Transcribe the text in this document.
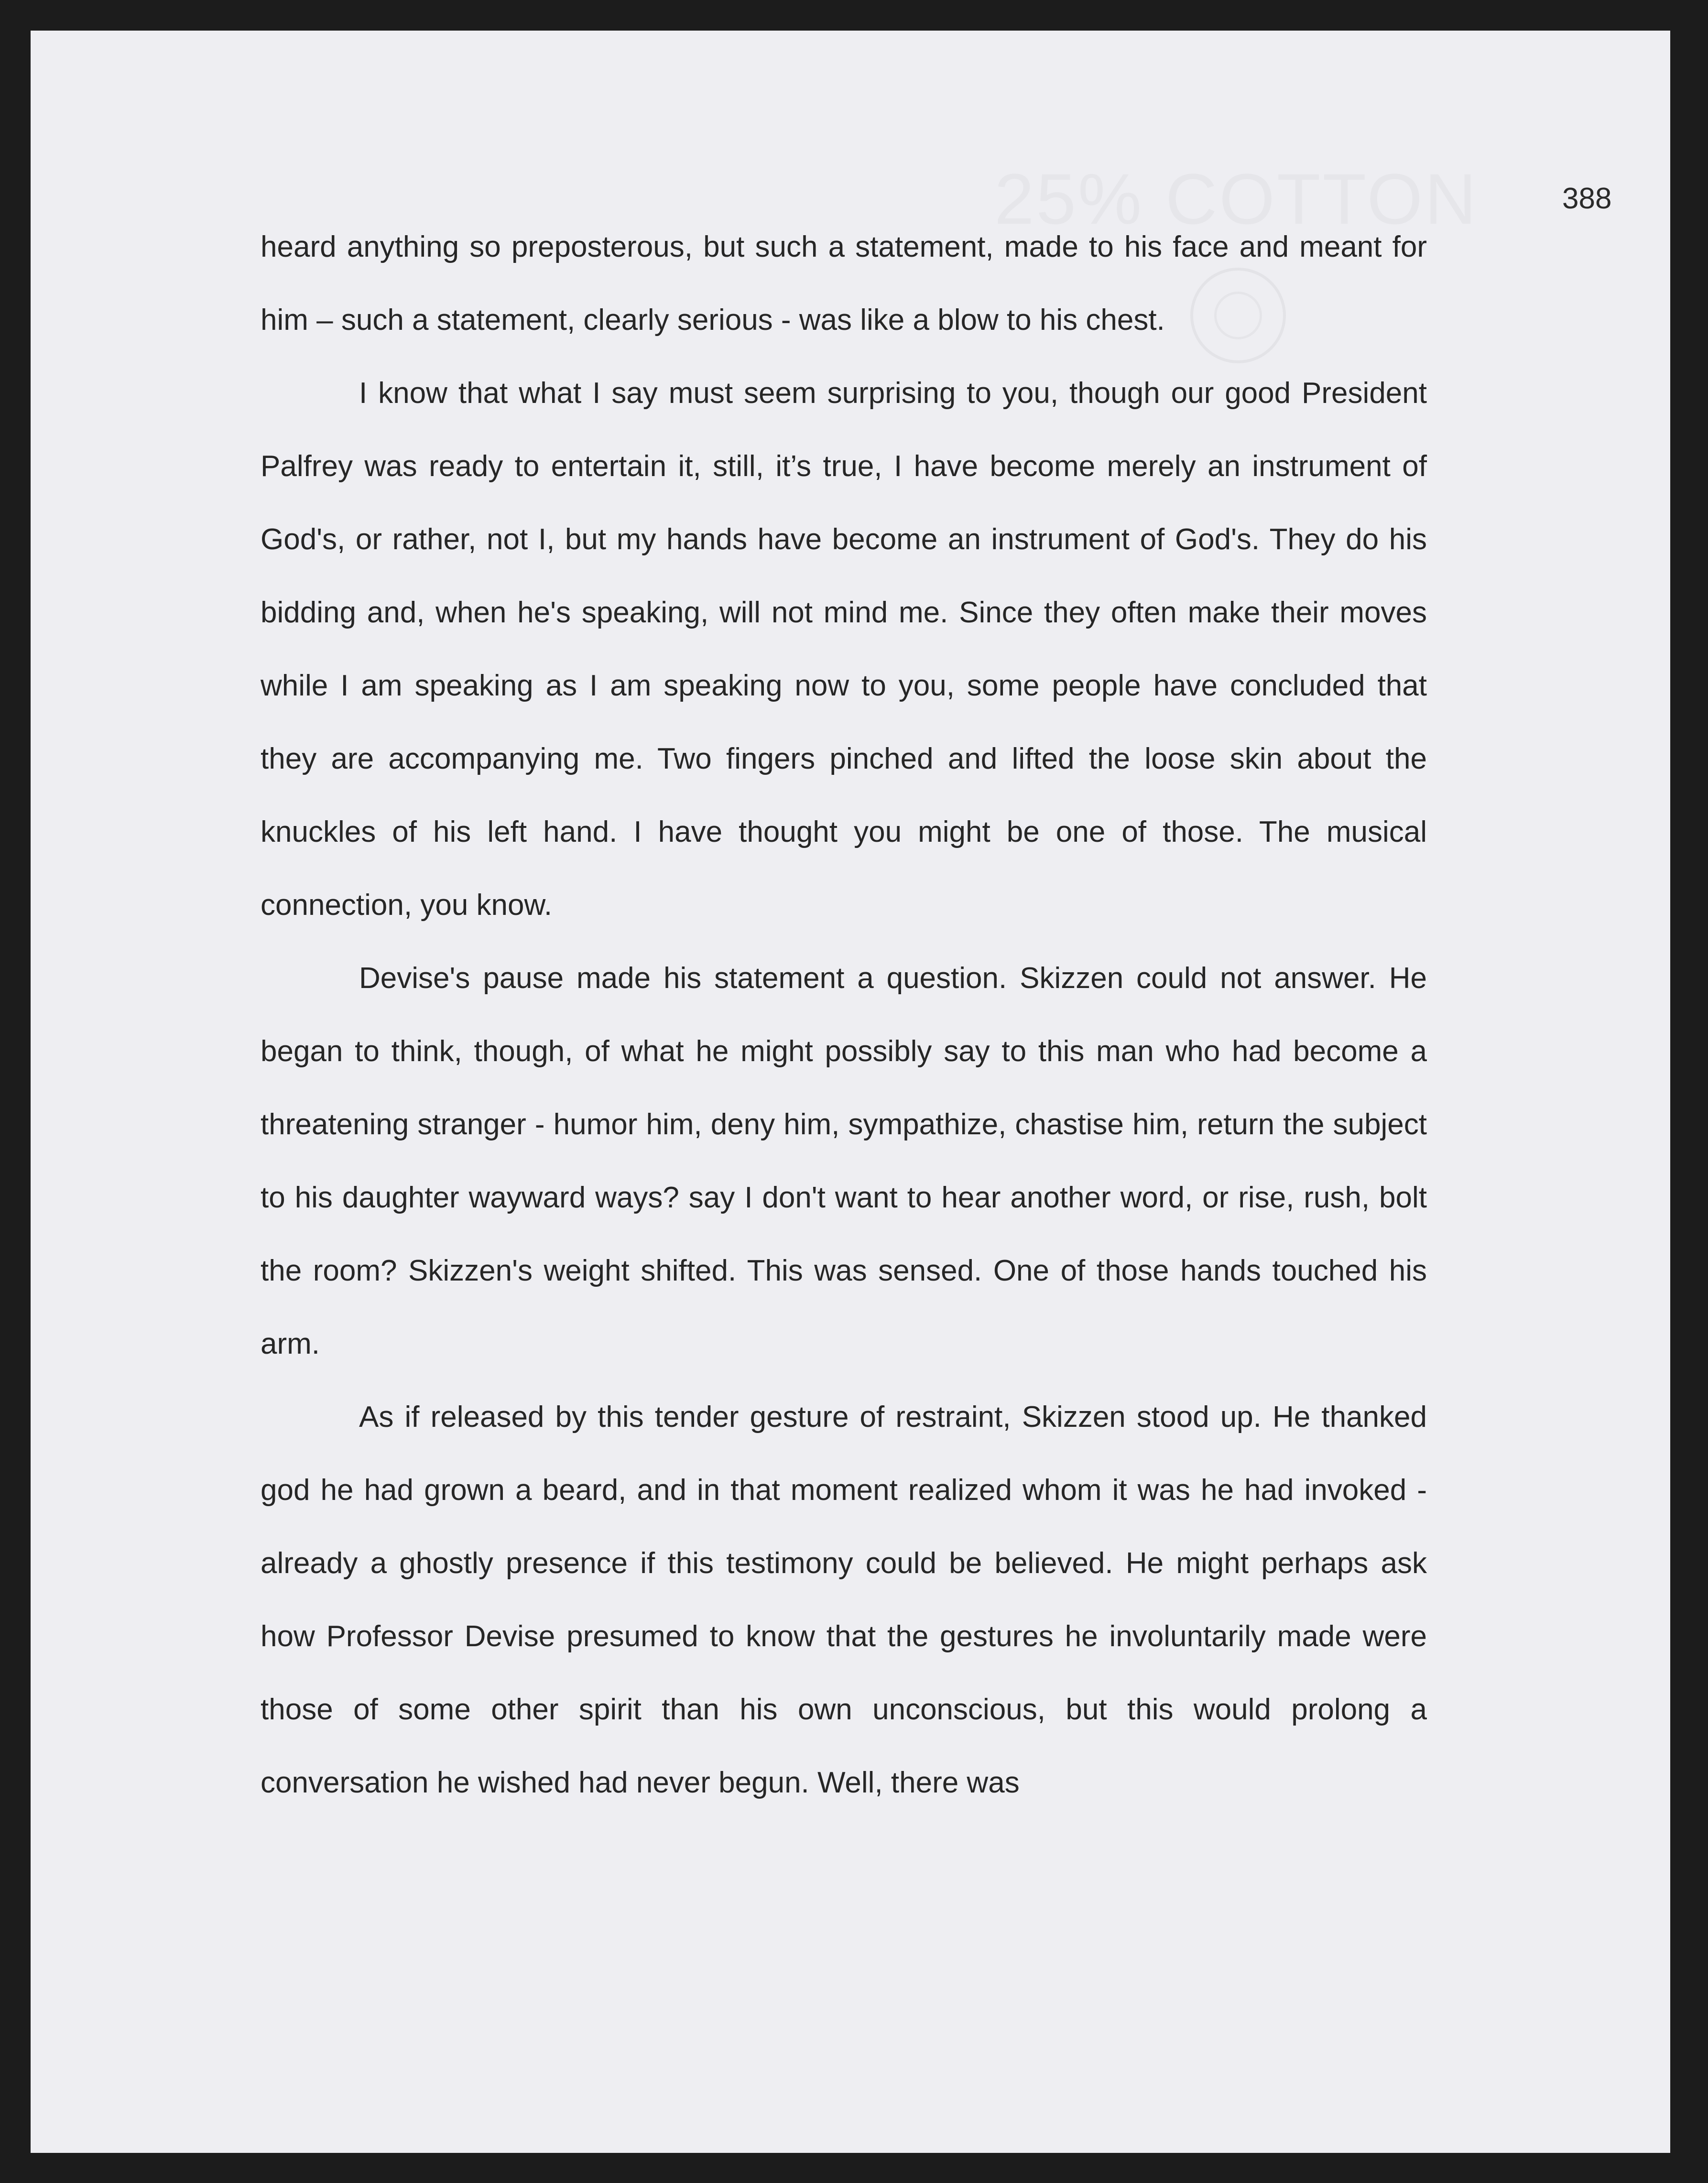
25% COTTON	388

heard anything so preposterous, but such a statement, made to his face and meant for him – such a statement, clearly serious - was like a blow to his chest.

I know that what I say must seem surprising to you, though our good President Palfrey was ready to entertain it, still, it’s true, I have become merely an instrument of God's, or rather, not I, but my hands have become an instrument of God's. They do his bidding and, when he's speaking, will not mind me. Since they often make their moves while I am speaking as I am speaking now to you, some people have concluded that they are accompanying me. Two fingers pinched and lifted the loose skin about the knuckles of his left hand. I have thought you might be one of those. The musical connection, you know.

Devise's pause made his statement a question. Skizzen could not answer. He began to think, though, of what he might possibly say to this man who had become a threatening stranger - humor him, deny him, sympathize, chastise him, return the subject to his daughter wayward ways? say I don't want to hear another word, or rise, rush, bolt the room? Skizzen's weight shifted. This was sensed. One of those hands touched his arm.

As if released by this tender gesture of restraint, Skizzen stood up. He thanked god he had grown a beard, and in that moment realized whom it was he had invoked - already a ghostly presence if this testimony could be believed. He might perhaps ask how Professor Devise presumed to know that the gestures he involuntarily made were those of some other spirit than his own unconscious, but this would prolong a conversation he wished had never begun. Well, there was
